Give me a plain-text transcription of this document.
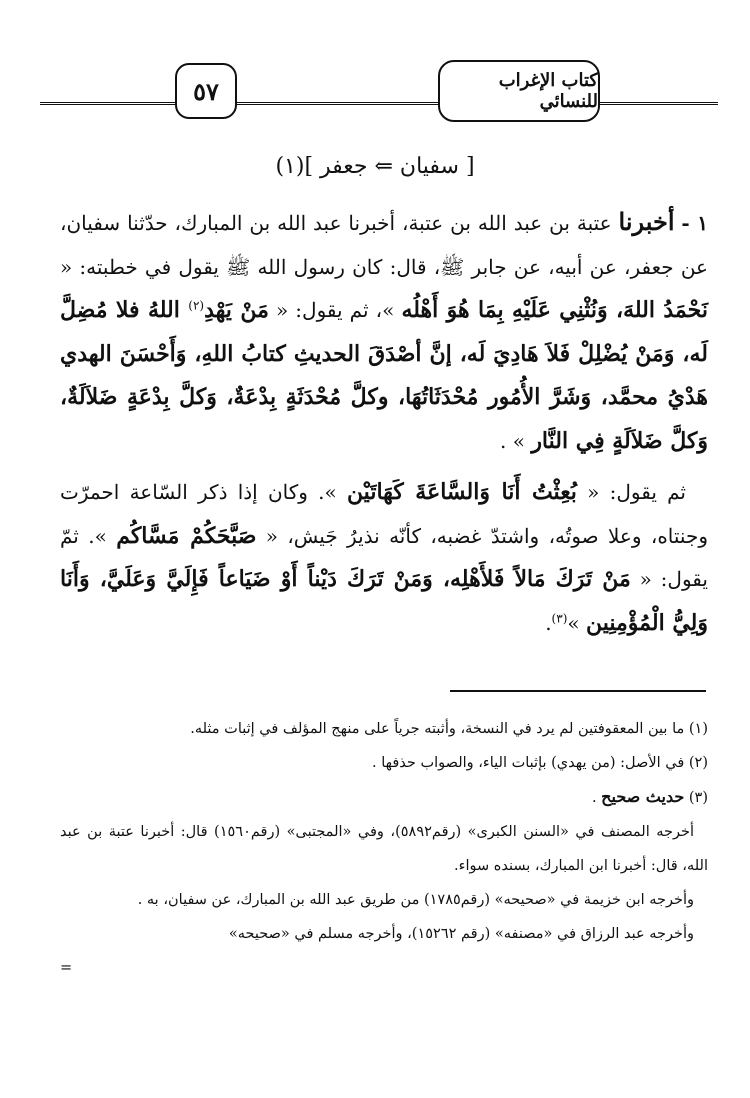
كتاب الإغراب للنسائي
٥٧
[ سفيان ⇐ جعفر ](١)

١ - أخبرنا عتبة بن عبد الله بن عتبة، أخبرنا عبد الله بن المبارك، حدّثنا سفيان، عن جعفر، عن أبيه، عن جابر ﷺ، قال: كان رسول الله ﷺ يقول في خطبته: « نَحْمَدُ اللهَ، وَنُثْنِي عَلَيْهِ بِمَا هُوَ أَهْلُه »، ثم يقول: « مَنْ يَهْدِ$^{(٢)}$ اللهُ فلا مُضِلَّ لَه، وَمَنْ يُضْلِلْ فَلاَ هَادِيَ لَه، إنَّ أصْدَقَ الحديثِ كتابُ اللهِ، وَأَحْسَنَ الهدي هَدْيُ محمَّد، وَشَرَّ الأُمُور مُحْدَثَاتُهَا، وكلَّ مُحْدَثَةٍ بِدْعَةٌ، وَكلَّ بِدْعَةٍ ضَلاَلَةٌ، وَكلَّ ضَلاَلَةٍ فِي النَّار » .

ثم يقول: « بُعِثْتُ أَنَا وَالسَّاعَةَ كَهَاتَيْن ». وكان إذا ذكر السّاعة احمرّت وجنتاه، وعلا صوتُه، واشتدّ غضبه، كأنّه نذيرُ جَيش، « صَبَّحَكُمْ مَسَّاكُم ». ثمّ يقول: « مَنْ تَرَكَ مَالاً فَلأَهْلِه، وَمَنْ تَرَكَ دَيْناً أَوْ ضَيَاعاً فَإِلَيَّ وَعَلَيَّ، وَأَنَا وَلِيُّ الْمُؤْمِنِين »$^{(٣)}$.

(١) ما بين المعقوفتين لم يرد في النسخة، وأثبته جرياً على منهج المؤلف في إثبات مثله.

(٢) في الأصل: (من يهدي) بإثبات الياء، والصواب حذفها .

(٣) حديث صحيح .

أخرجه المصنف في «السنن الكبرى» (رقم٥٨٩٢)، وفي «المجتبى» (رقم١٥٦٠) قال: أخبرنا عتبة بن عبد الله، قال: أخبرنا ابن المبارك، بسنده سواء.

وأخرجه ابن خزيمة في «صحيحه» (رقم١٧٨٥) من طريق عبد الله بن المبارك، عن سفيان، به .

وأخرجه عبد الرزاق في «مصنفه» (رقم ١٥٢٦٢)، وأخرجه مسلم في «صحيحه»

=
